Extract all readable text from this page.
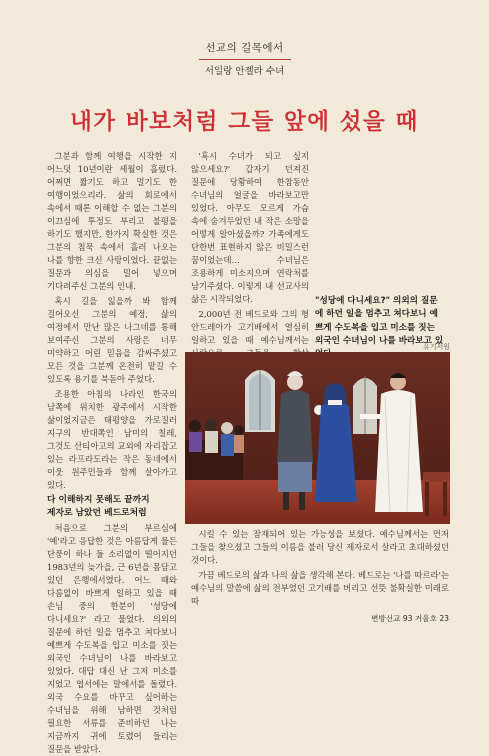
선교의 길목에서
서일랑 안젤라 수녀
내가 바보처럼 그들 앞에 섰을 때

그분과 함께 여행을 시작한 지 어느덧 10년이란 세월이 흘렀다. 어쩌면 짧기도 하고 멀기도 한 여행이었으리라. 삶의 회로에서 속에서 때론 이해할 수 없는 그분의 이끄심에 투정도 부리고 불평을 하기도 했지만, 한가지 확실한 것은 그분의 침묵 속에서 흘러 나오는 나를 향한 크신 사랑이었다. 끝없는 질문과 의심을 밀어 넣으며 기다려주신 그분의 인내.

혹시 길을 잃을까 봐 함께 걸어오신 그분의 예정, 삶의 여정에서 만난 많은 나그네를 통해 보여주신 그분의 사랑은 너무 미약하고 어린 믿음을 감싸주셨고 모든 것을 그분께 온전히 맡길 수 있도록 용기를 북돋아 주었다.

조용한 아침의 나라인 한국의 남쪽에 위치한 광주에서 시작한 삶이었지금은 태평양을 가로질러 지구의 반대쪽인 남미의 칠레, 그것도 산티아고의 교외에 자리잡고 있는 라프라도라는 작은 동네에서 이웃 원주민들과 함께 살아가고 있다.

다 이해하지 못해도 끝까지
제자로 남았던 베드로처럼

처음으로 그분의 부르심에 '예'라고 응답한 것은 아름답게 물든 단풍이 하나 둘 소리없이 떨어지던 1983년의 늦가을, 근 6년을 몸담고 있던 은행에서였다. 어느 때와 다름없이 바쁘게 일하고 있을 때 손님 중의 한분이 '성당에 다니세요?' 라고 물었다. 의외의 질문에 하던 일을 멈추고 쳐다보니 예쁘게 수도복을 입고 미소를 짓는 외국인 수녀님이 나를 바라보고 있었다. 대답 대신 난 그저 미소를 지었고 엽서에는 말에서를 돌렸다. 외국 수요를 바꾸고 싶어하는 수녀님을 위해 남하면 것처럼 필요한 서류를 준비하던 나는 지금까지 귀에 토렸어 들리는 질문을 받았다.

'혹시 수녀가 되고 싶지 않으세요?' 갑자기 던져진 질문에 당황하여 한참동안 수녀님의 얼굴을 바라보고만 있었다. 아무도 모르게 가슴 속에 숨겨두었던 내 작은 소망을 어떻게 알아셨을까? 가족에게도 단한번 표현하지 않은 비밀스런 꿈이었는데… 수녀님은 조용하게 미소지으며 연락처를 남기주셨다. 이렇게 내 선교사의 삶은 시작되었다.

2,000년 전 베드로와 그의 형 안드레아가 고기배에서 열심히 일하고 있을 때 예수님께서는

"성당에 다니세요?" 의외의 질문에 하던 일을 멈추고 쳐다보니 예쁘게 수도복을 입고 미소를 짓는 외국인 수녀님이 나를 바라보고 있

유기서원

시킬 수 있는 잠재되어 있는 가능성을 보셨다. 예수님께서는 먼저 그들을 찾으셨고 그들의 이름을 불러 당신 제자로서 살라고 초대하셨던 것이다.

가끔 베드로의 삶과 나의 삶을 생각해 본다. 베드로는 '나를 따르라'는 예수님의 말씀에 삶의 전부였던 고기배를 버리고 선뜻 불확실한 미래로 따

변방선교 93 겨울호 23
